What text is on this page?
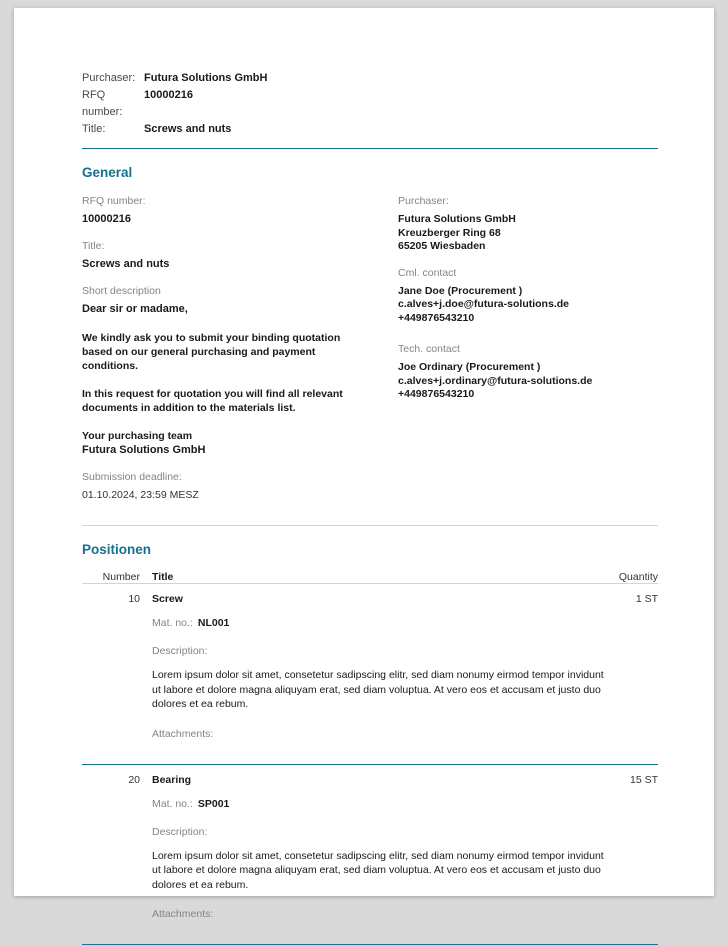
Purchaser: Futura Solutions GmbH
RFQ number:
10000216
Title:	Screws and nuts
General
RFQ number:
10000216
Title:
Screws and nuts
Short description
Dear sir or madame,
We kindly ask you to submit your binding quotation based on our general purchasing and payment conditions.
In this request for quotation you will find all relevant documents in addition to the materials list.
Your purchasing team
Futura Solutions GmbH
Submission deadline:
01.10.2024, 23:59 MESZ
Purchaser:
Futura Solutions GmbH
Kreuzberger Ring 68
65205 Wiesbaden
Cml. contact
Jane Doe (Procurement )
c.alves+j.doe@futura-solutions.de
+449876543210
Tech. contact
Joe Ordinary (Procurement )
c.alves+j.ordinary@futura-solutions.de
+449876543210
Positionen
Number	Title	Quantity
10	Screw	1 ST
Mat. no.: NL001
Description:
Lorem ipsum dolor sit amet, consetetur sadipscing elitr, sed diam nonumy eirmod tempor invidunt ut labore et dolore magna aliquyam erat, sed diam voluptua. At vero eos et accusam et justo duo dolores et ea rebum.
Attachments:
20	Bearing	15 ST
Mat. no.: SP001
Description:
Lorem ipsum dolor sit amet, consetetur sadipscing elitr, sed diam nonumy eirmod tempor invidunt ut labore et dolore magna aliquyam erat, sed diam voluptua. At vero eos et accusam et justo duo dolores et ea rebum.
Attachments:
